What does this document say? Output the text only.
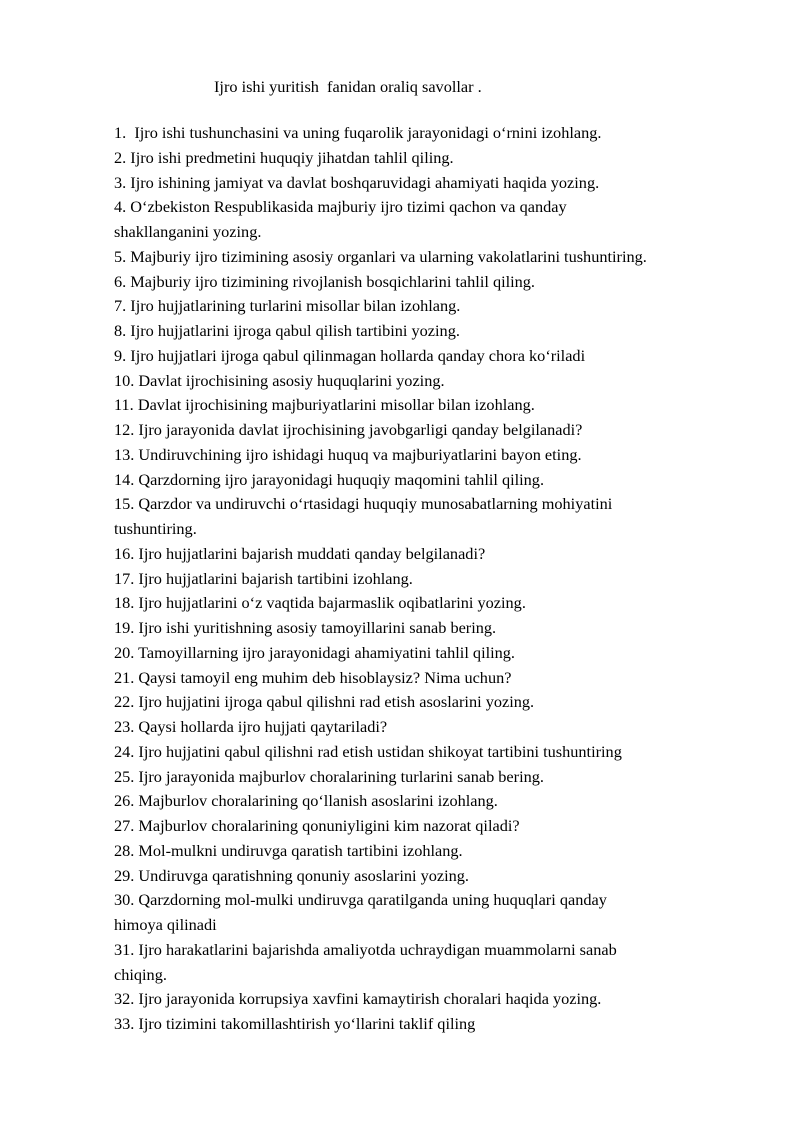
Ijro ishi yuritish  fanidan oraliq savollar .
1.  Ijro ishi tushunchasini va uning fuqarolik jarayonidagi o‘rnini izohlang.
2. Ijro ishi predmetini huquqiy jihatdan tahlil qiling.
3. Ijro ishining jamiyat va davlat boshqaruvidagi ahamiyati haqida yozing.
4. O‘zbekiston Respublikasida majburiy ijro tizimi qachon va qanday
shakllanganini yozing.
5. Majburiy ijro tizimining asosiy organlari va ularning vakolatlarini tushuntiring.
6. Majburiy ijro tizimining rivojlanish bosqichlarini tahlil qiling.
7. Ijro hujjatlarining turlarini misollar bilan izohlang.
8. Ijro hujjatlarini ijroga qabul qilish tartibini yozing.
9. Ijro hujjatlari ijroga qabul qilinmagan hollarda qanday chora ko‘riladi
10. Davlat ijrochisining asosiy huquqlarini yozing.
11. Davlat ijrochisining majburiyatlarini misollar bilan izohlang.
12. Ijro jarayonida davlat ijrochisining javobgarligi qanday belgilanadi?
13. Undiruvchining ijro ishidagi huquq va majburiyatlarini bayon eting.
14. Qarzdorning ijro jarayonidagi huquqiy maqomini tahlil qiling.
15. Qarzdor va undiruvchi o‘rtasidagi huquqiy munosabatlarning mohiyatini
tushuntiring.
16. Ijro hujjatlarini bajarish muddati qanday belgilanadi?
17. Ijro hujjatlarini bajarish tartibini izohlang.
18. Ijro hujjatlarini o‘z vaqtida bajarmaslik oqibatlarini yozing.
19. Ijro ishi yuritishning asosiy tamoyillarini sanab bering.
20. Tamoyillarning ijro jarayonidagi ahamiyatini tahlil qiling.
21. Qaysi tamoyil eng muhim deb hisoblaysiz? Nima uchun?
22. Ijro hujjatini ijroga qabul qilishni rad etish asoslarini yozing.
23. Qaysi hollarda ijro hujjati qaytariladi?
24. Ijro hujjatini qabul qilishni rad etish ustidan shikoyat tartibini tushuntiring
25. Ijro jarayonida majburlov choralarining turlarini sanab bering.
26. Majburlov choralarining qo‘llanish asoslarini izohlang.
27. Majburlov choralarining qonuniyligini kim nazorat qiladi?
28. Mol-mulkni undiruvga qaratish tartibini izohlang.
29. Undiruvga qaratishning qonuniy asoslarini yozing.
30. Qarzdorning mol-mulki undiruvga qaratilganda uning huquqlari qanday
himoya qilinadi
31. Ijro harakatlarini bajarishda amaliyotda uchraydigan muammolarni sanab
chiqing.
32. Ijro jarayonida korrupsiya xavfini kamaytirish choralari haqida yozing.
33. Ijro tizimini takomillashtirish yo‘llarini taklif qiling
